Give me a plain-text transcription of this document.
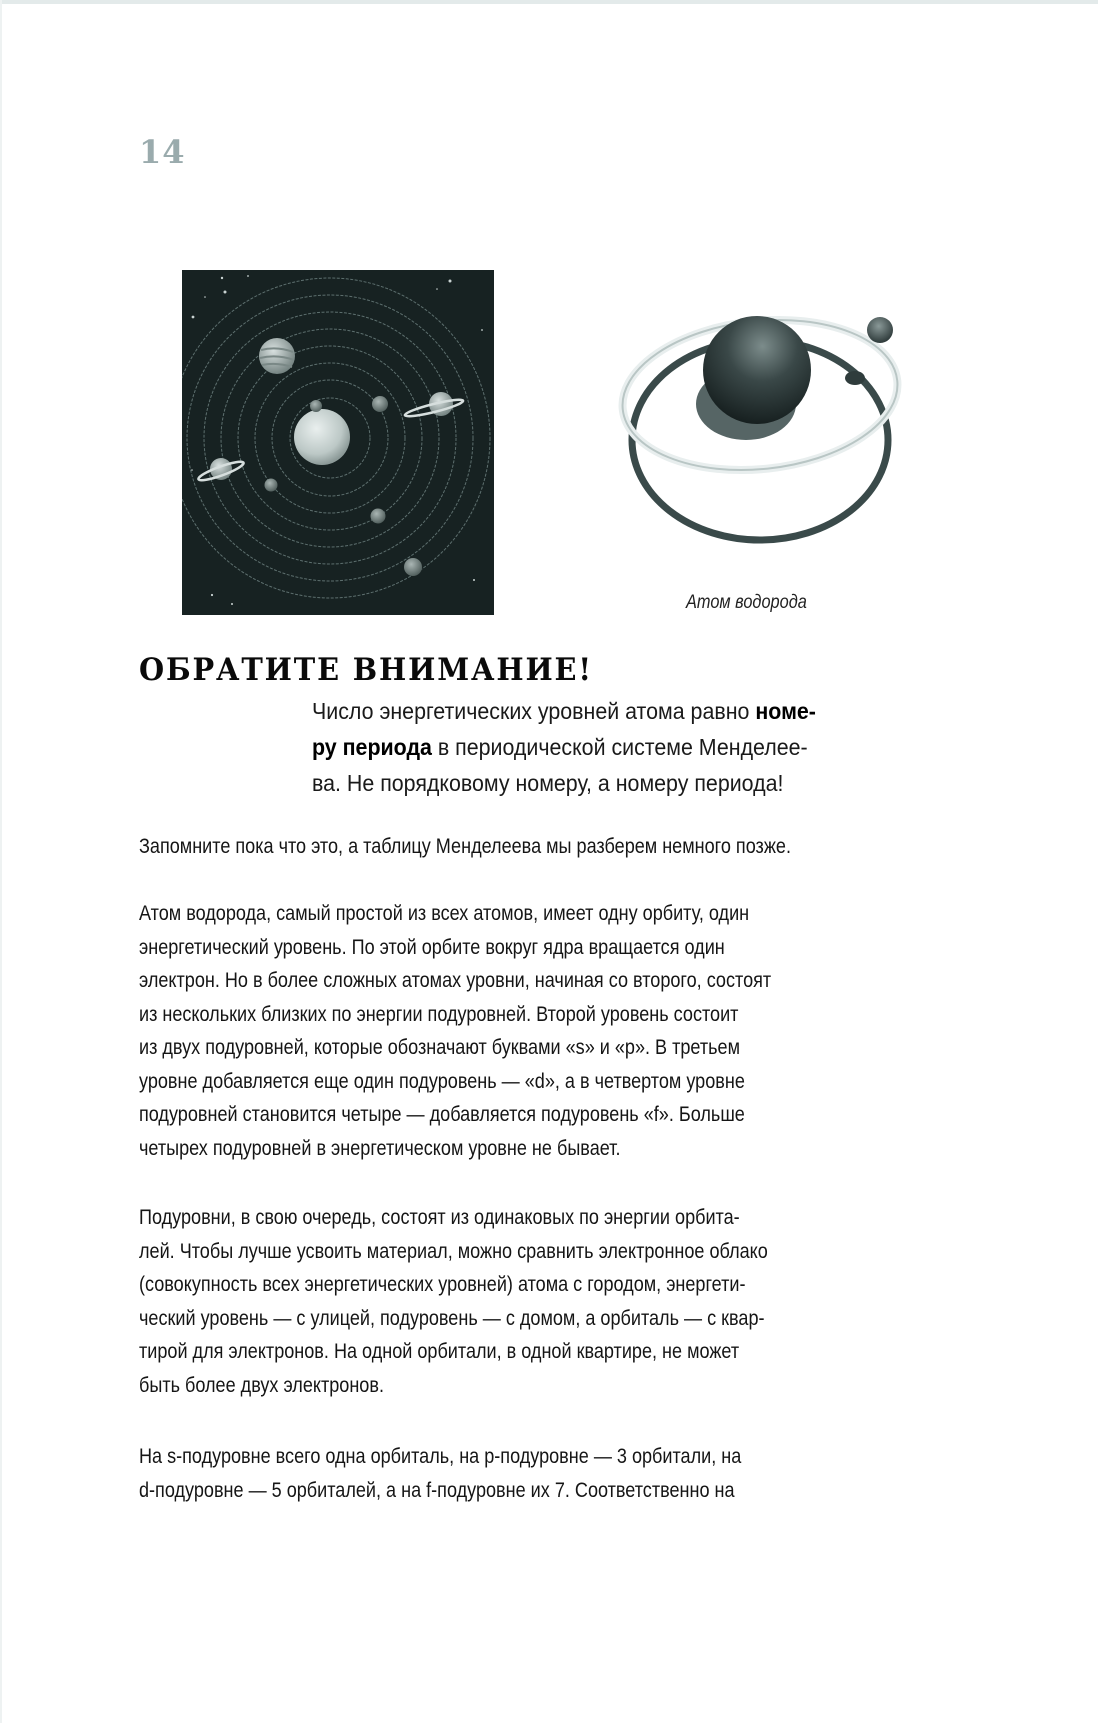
14
Атом водорода
ОБРАТИТЕ ВНИМАНИЕ!
Число энергетических уровней атома равно номе-
ру периода в периодической системе Менделее-
ва. Не порядковому номеру, а номеру периода!
Запомните пока что это, а таблицу Менделеева мы разберем немного позже.
Атом водорода, самый простой из всех атомов, имеет одну орбиту, один
энергетический уровень. По этой орбите вокруг ядра вращается один
электрон. Но в более сложных атомах уровни, начиная со второго, состоят
из нескольких близких по энергии подуровней. Второй уровень состоит
из двух подуровней, которые обозначают буквами «s» и «p». В третьем
уровне добавляется еще один подуровень — «d», а в четвертом уровне
подуровней становится четыре — добавляется подуровень «f». Больше
четырех подуровней в энергетическом уровне не бывает.
Подуровни, в свою очередь, состоят из одинаковых по энергии орбита-
лей. Чтобы лучше усвоить материал, можно сравнить электронное облако
(совокупность всех энергетических уровней) атома с городом, энергети-
ческий уровень — с улицей, подуровень — с домом, а орбиталь — с квар-
тирой для электронов. На одной орбитали, в одной квартире, не может
быть более двух электронов.
На s-подуровне всего одна орбиталь, на p-подуровне — 3 орбитали, на
d-подуровне — 5 орбиталей, а на f-подуровне их 7. Соответственно на
